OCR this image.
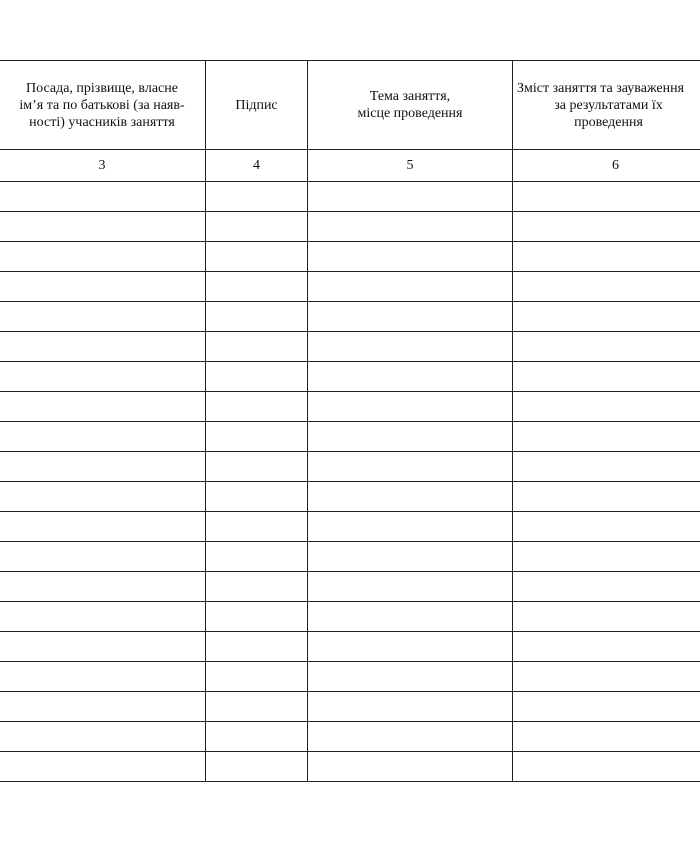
Посада, прізвище, власне
ім’я та по батькові (за наяв-
ності) учасників заняття	Підпис	Тема заняття,
місце проведення	Зміст заняття та зауваження
за результатами їх
проведення

3	4	5	6
